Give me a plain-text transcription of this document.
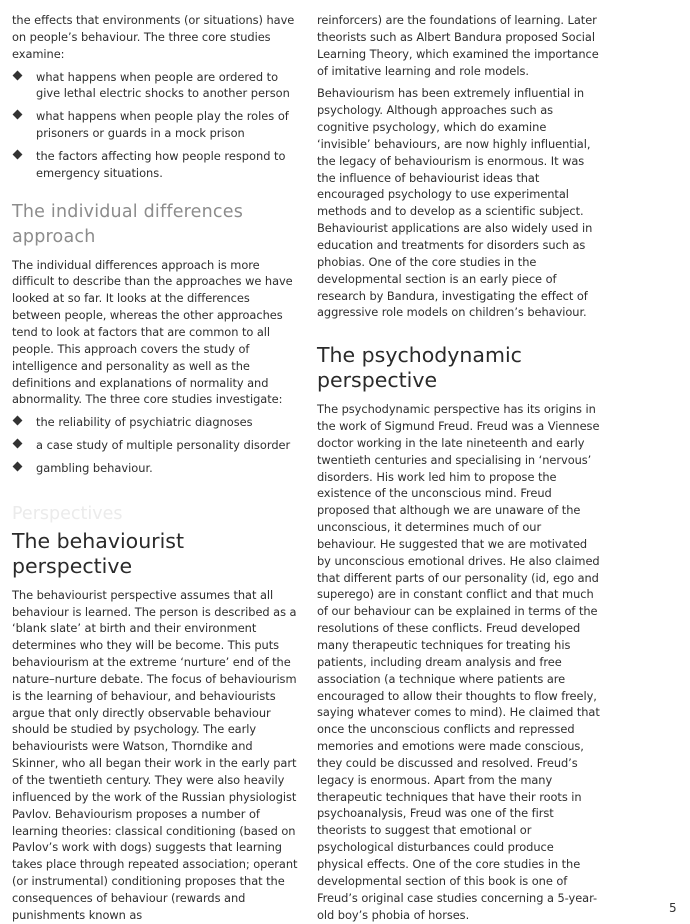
the effects that environments (or situations) have on people’s behaviour. The three core studies examine:

what happens when people are ordered to give lethal electric shocks to another person
what happens when people play the roles of prisoners or guards in a mock prison
the factors affecting how people respond to emergency situations.
The individual differences approach

The individual differences approach is more difficult to describe than the approaches we have looked at so far. It looks at the differences between people, whereas the other approaches tend to look at factors that are common to all people. This approach covers the study of intelligence and personality as well as the definitions and explanations of normality and abnormality. The three core studies investigate:

the reliability of psychiatric diagnoses
a case study of multiple personality disorder
gambling behaviour.
Perspectives
The behaviourist perspective

The behaviourist perspective assumes that all behaviour is learned. The person is described as a ‘blank slate’ at birth and their environment determines who they will be become. This puts behaviourism at the extreme ‘nurture’ end of the nature–nurture debate. The focus of behaviourism is the learning of behaviour, and behaviourists argue that only directly observable behaviour should be studied by psychology. The early behaviourists were Watson, Thorndike and Skinner, who all began their work in the early part of the twentieth century. They were also heavily influenced by the work of the Russian physiologist Pavlov. Behaviourism proposes a number of learning theories: classical conditioning (based on Pavlov’s work with dogs) suggests that learning takes place through repeated association; operant (or instrumental) conditioning proposes that the consequences of behaviour (rewards and punishments known as

reinforcers) are the foundations of learning. Later theorists such as Albert Bandura proposed Social Learning Theory, which examined the importance of imitative learning and role models.

Behaviourism has been extremely influential in psychology. Although approaches such as cognitive psychology, which do examine ‘invisible’ behaviours, are now highly influential, the legacy of behaviourism is enormous. It was the influence of behaviourist ideas that encouraged psychology to use experimental methods and to develop as a scientific subject. Behaviourist applications are also widely used in education and treatments for disorders such as phobias. One of the core studies in the developmental section is an early piece of research by Bandura, investigating the effect of aggressive role models on children’s behaviour.

The psychodynamic perspective

The psychodynamic perspective has its origins in the work of Sigmund Freud. Freud was a Viennese doctor working in the late nineteenth and early twentieth centuries and specialising in ‘nervous’ disorders. His work led him to propose the existence of the unconscious mind. Freud proposed that although we are unaware of the unconscious, it determines much of our behaviour. He suggested that we are motivated by unconscious emotional drives. He also claimed that different parts of our personality (id, ego and superego) are in constant conflict and that much of our behaviour can be explained in terms of the resolutions of these conflicts. Freud developed many therapeutic techniques for treating his patients, including dream analysis and free association (a technique where patients are encouraged to allow their thoughts to flow freely, saying whatever comes to mind). He claimed that once the unconscious conflicts and repressed memories and emotions were made conscious, they could be discussed and resolved. Freud’s legacy is enormous. Apart from the many therapeutic techniques that have their roots in psychoanalysis, Freud was one of the first theorists to suggest that emotional or psychological disturbances could produce physical effects. One of the core studies in the developmental section of this book is one of Freud’s original case studies concerning a 5-year-old boy’s phobia of horses.	5
